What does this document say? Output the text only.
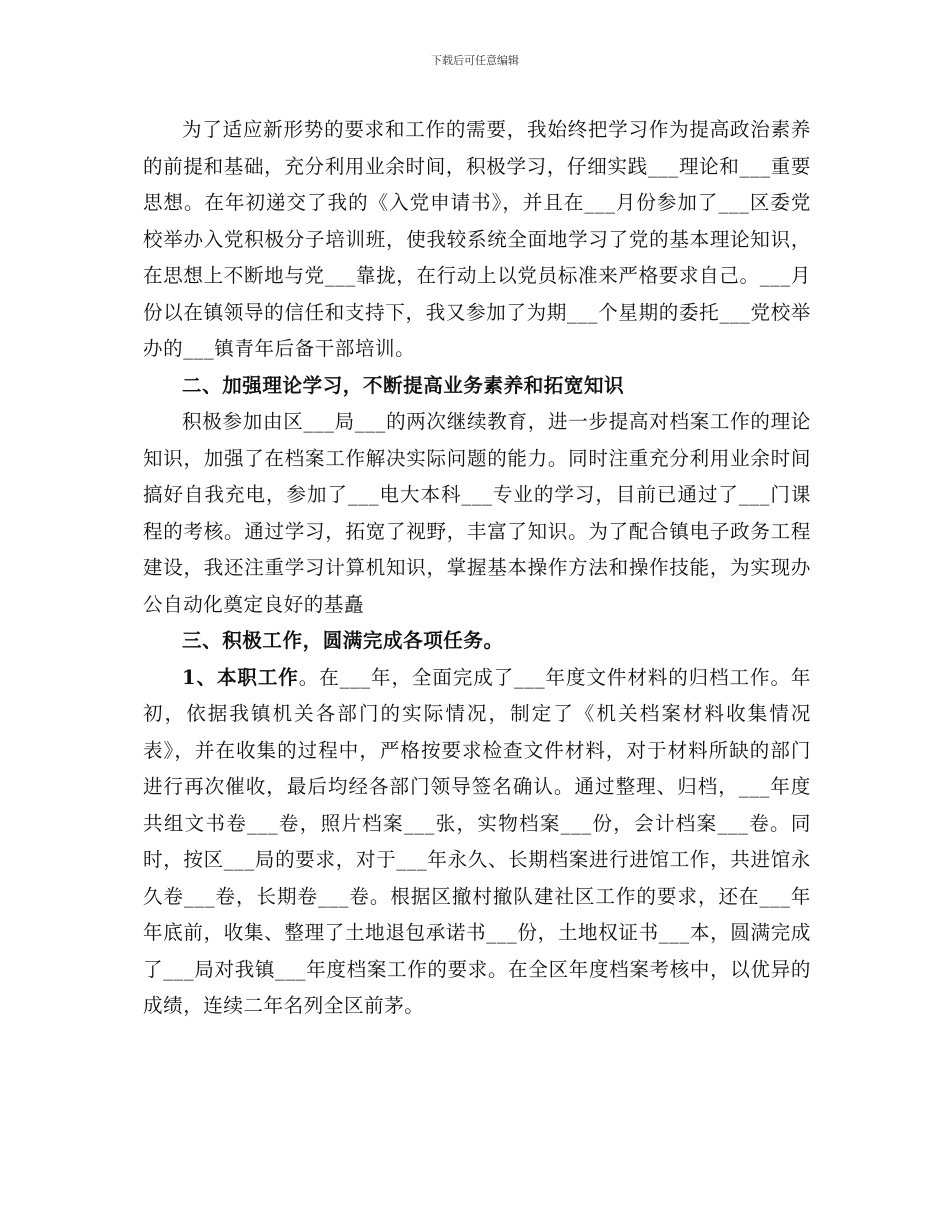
下载后可任意编辑

为了适应新形势的要求和工作的需要，我始终把学习作为提高政治素养的前提和基础，充分利用业余时间，积极学习，仔细实践___理论和___重要思想。在年初递交了我的《入党申请书》，并且在___月份参加了___区委党校举办入党积极分子培训班，使我较系统全面地学习了党的基本理论知识，在思想上不断地与党___靠拢，在行动上以党员标准来严格要求自己。___月份以在镇领导的信任和支持下，我又参加了为期___个星期的委托___党校举办的___镇青年后备干部培训。

二、加强理论学习，不断提高业务素养和拓宽知识

积极参加由区___局___的两次继续教育，进一步提高对档案工作的理论知识，加强了在档案工作解决实际问题的能力。同时注重充分利用业余时间搞好自我充电，参加了___电大本科___专业的学习，目前已通过了___门课程的考核。通过学习，拓宽了视野，丰富了知识。为了配合镇电子政务工程建设，我还注重学习计算机知识，掌握基本操作方法和操作技能，为实现办公自动化奠定良好的基矗

三、积极工作，圆满完成各项任务。

1、本职工作。在___年，全面完成了___年度文件材料的归档工作。年初，依据我镇机关各部门的实际情况，制定了《机关档案材料收集情况表》，并在收集的过程中，严格按要求检查文件材料，对于材料所缺的部门进行再次催收，最后均经各部门领导签名确认。通过整理、归档，___年度共组文书卷___卷，照片档案___张，实物档案___份，会计档案___卷。同时，按区___局的要求，对于___年永久、长期档案进行进馆工作，共进馆永久卷___卷，长期卷___卷。根据区撤村撤队建社区工作的要求，还在___年年底前，收集、整理了土地退包承诺书___份，土地权证书___本，圆满完成了___局对我镇___年度档案工作的要求。在全区年度档案考核中，以优异的成绩，连续二年名列全区前茅。
